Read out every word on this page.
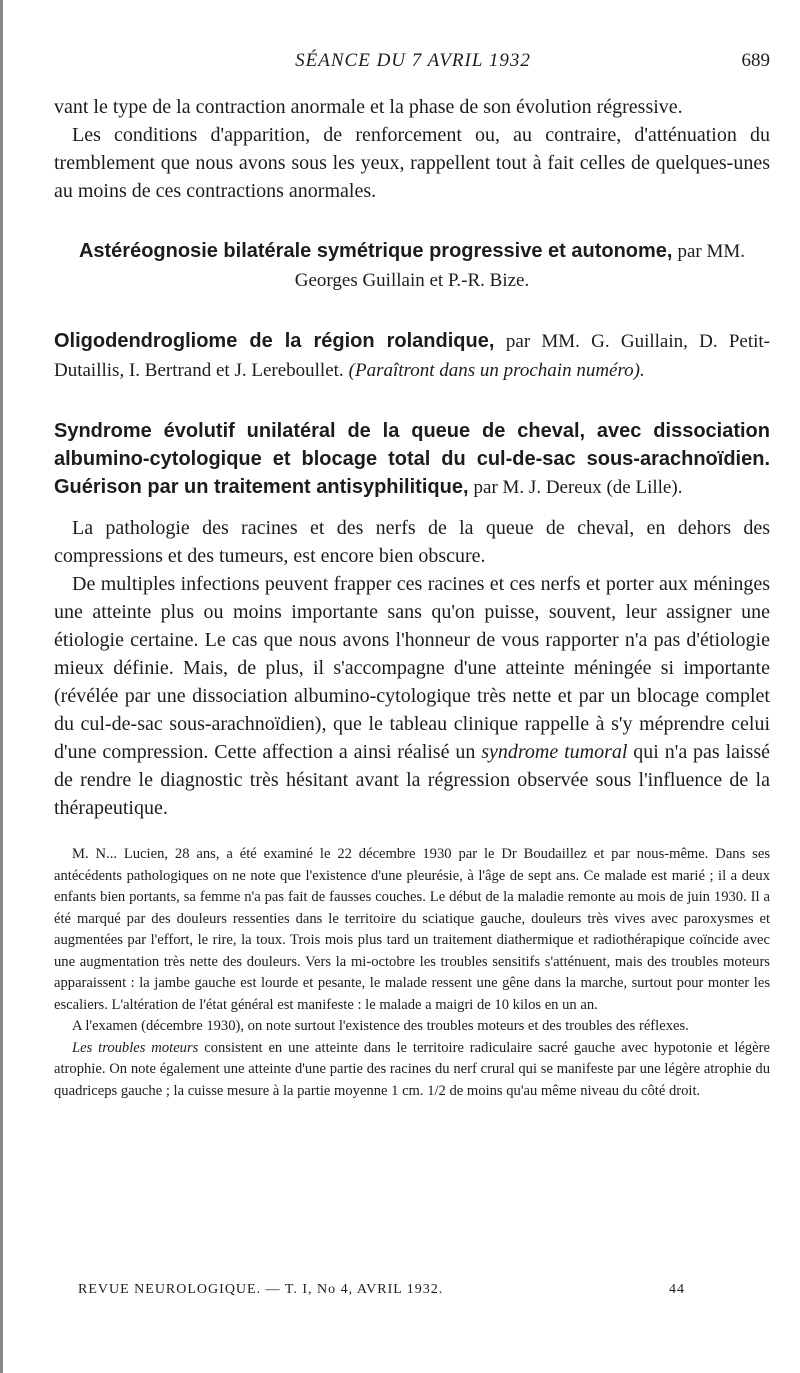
SÉANCE DU 7 AVRIL 1932	689

vant le type de la contraction anormale et la phase de son évolution régressive.

Les conditions d'apparition, de renforcement ou, au contraire, d'atténuation du tremblement que nous avons sous les yeux, rappellent tout à fait celles de quelques-unes au moins de ces contractions anormales.

Astéréognosie bilatérale symétrique progressive et autonome, par MM. Georges Guillain et P.-R. Bize.

Oligodendrogliome de la région rolandique, par MM. G. Guillain, D. Petit-Dutaillis, I. Bertrand et J. Lereboullet. (Paraîtront dans un prochain numéro).

Syndrome évolutif unilatéral de la queue de cheval, avec dissociation albumino-cytologique et blocage total du cul-de-sac sous-arachnoïdien. Guérison par un traitement antisyphilitique, par M. J. Dereux (de Lille).

La pathologie des racines et des nerfs de la queue de cheval, en dehors des compressions et des tumeurs, est encore bien obscure.

De multiples infections peuvent frapper ces racines et ces nerfs et porter aux méninges une atteinte plus ou moins importante sans qu'on puisse, souvent, leur assigner une étiologie certaine. Le cas que nous avons l'honneur de vous rapporter n'a pas d'étiologie mieux définie. Mais, de plus, il s'accompagne d'une atteinte méningée si importante (révélée par une dissociation albumino-cytologique très nette et par un blocage complet du cul-de-sac sous-arachnoïdien), que le tableau clinique rappelle à s'y méprendre celui d'une compression. Cette affection a ainsi réalisé un syndrome tumoral qui n'a pas laissé de rendre le diagnostic très hésitant avant la régression observée sous l'influence de la thérapeutique.

M. N... Lucien, 28 ans, a été examiné le 22 décembre 1930 par le Dr Boudaillez et par nous-même. Dans ses antécédents pathologiques on ne note que l'existence d'une pleurésie, à l'âge de sept ans. Ce malade est marié ; il a deux enfants bien portants, sa femme n'a pas fait de fausses couches. Le début de la maladie remonte au mois de juin 1930. Il a été marqué par des douleurs ressenties dans le territoire du sciatique gauche, douleurs très vives avec paroxysmes et augmentées par l'effort, le rire, la toux. Trois mois plus tard un traitement diathermique et radiothérapique coïncide avec une augmentation très nette des douleurs. Vers la mi-octobre les troubles sensitifs s'atténuent, mais des troubles moteurs apparaissent : la jambe gauche est lourde et pesante, le malade ressent une gêne dans la marche, surtout pour monter les escaliers. L'altération de l'état général est manifeste : le malade a maigri de 10 kilos en un an.

A l'examen (décembre 1930), on note surtout l'existence des troubles moteurs et des troubles des réflexes.

Les troubles moteurs consistent en une atteinte dans le territoire radiculaire sacré gauche avec hypotonie et légère atrophie. On note également une atteinte d'une partie des racines du nerf crural qui se manifeste par une légère atrophie du quadriceps gauche ; la cuisse mesure à la partie moyenne 1 cm. 1/2 de moins qu'au même niveau du côté droit.

REVUE NEUROLOGIQUE. — T. I, No 4, AVRIL 1932.	44
